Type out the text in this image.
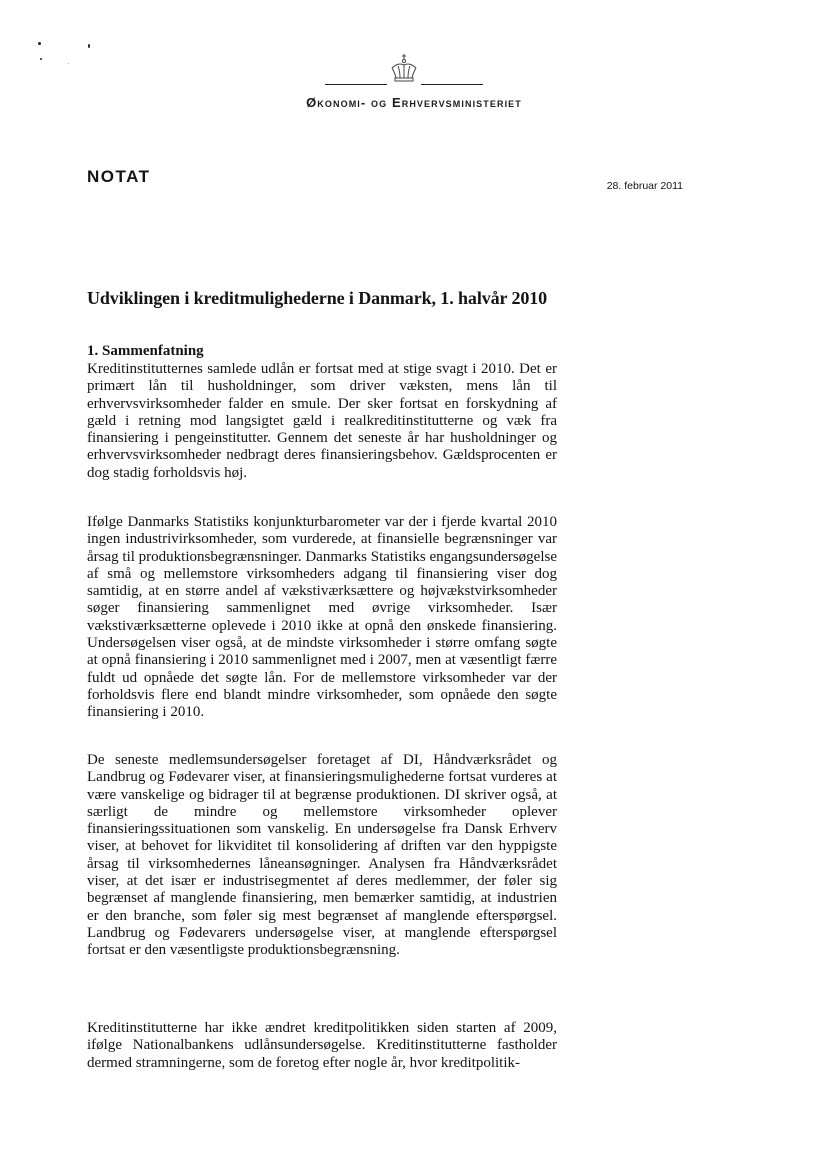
Økonomi- og Erhvervsministeriet
NOTAT	28. februar 2011
Udviklingen i kreditmulighederne i Danmark, 1. halvår 2010
1. Sammenfatning

Kreditinstitutternes samlede udlån er fortsat med at stige svagt i 2010. Det er primært lån til husholdninger, som driver væksten, mens lån til erhvervsvirksomheder falder en smule. Der sker fortsat en forskydning af gæld i retning mod langsigtet gæld i realkreditinstitutterne og væk fra finansiering i pengeinstitutter. Gennem det seneste år har husholdninger og erhvervsvirksomheder nedbragt deres finansieringsbehov. Gældsprocenten er dog stadig forholdsvis høj.

Ifølge Danmarks Statistiks konjunkturbarometer var der i fjerde kvartal 2010 ingen industrivirksomheder, som vurderede, at finansielle begrænsninger var årsag til produktionsbegrænsninger. Danmarks Statistiks engangsundersøgelse af små og mellemstore virksomheders adgang til finansiering viser dog samtidig, at en større andel af vækstiværksættere og højvækstvirksomheder søger finansiering sammenlignet med øvrige virksomheder. Især vækstiværksætterne oplevede i 2010 ikke at opnå den ønskede finansiering. Undersøgelsen viser også, at de mindste virksomheder i større omfang søgte at opnå finansiering i 2010 sammenlignet med i 2007, men at væsentligt færre fuldt ud opnåede det søgte lån. For de mellemstore virksomheder var der forholdsvis flere end blandt mindre virksomheder, som opnåede den søgte finansiering i 2010.

De seneste medlemsundersøgelser foretaget af DI, Håndværksrådet og Landbrug og Fødevarer viser, at finansieringsmulighederne fortsat vurderes at være vanskelige og bidrager til at begrænse produktionen. DI skriver også, at særligt de mindre og mellemstore virksomheder oplever finansieringssituationen som vanskelig. En undersøgelse fra Dansk Erhverv viser, at behovet for likviditet til konsolidering af driften var den hyppigste årsag til virksomhedernes låneansøgninger. Analysen fra Håndværksrådet viser, at det især er industrisegmentet af deres medlemmer, der føler sig begrænset af manglende finansiering, men bemærker samtidig, at industrien er den branche, som føler sig mest begrænset af manglende efterspørgsel. Landbrug og Fødevarers undersøgelse viser, at manglende efterspørgsel fortsat er den væsentligste produktionsbegrænsning.

Kreditinstitutterne har ikke ændret kreditpolitikken siden starten af 2009, ifølge Nationalbankens udlånsundersøgelse. Kreditinstitutterne fastholder dermed stramningerne, som de foretog efter nogle år, hvor kreditpolitik-
